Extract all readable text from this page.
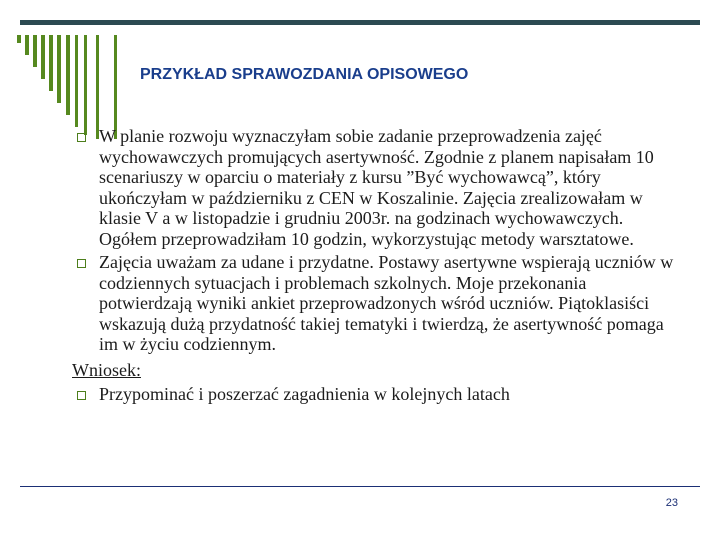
PRZYKŁAD SPRAWOZDANIA OPISOWEGO
W planie rozwoju wyznaczyłam sobie zadanie przeprowadzenia zajęć wychowawczych promujących asertywność. Zgodnie z planem napisałam 10 scenariuszy w oparciu o materiały z kursu ”Być wychowawcą”, który ukończyłam w październiku z CEN w Koszalinie. Zajęcia zrealizowałam w klasie V a w listopadzie i grudniu 2003r. na godzinach wychowawczych. Ogółem przeprowadziłam 10 godzin, wykorzystując metody warsztatowe.
Zajęcia uważam za udane i przydatne. Postawy asertywne wspierają uczniów w codziennych sytuacjach i problemach szkolnych. Moje przekonania potwierdzają wyniki ankiet przeprowadzonych wśród uczniów. Piątoklasiści wskazują dużą przydatność takiej tematyki i twierdzą, że asertywność pomaga im w życiu codziennym.
Wniosek:
Przypominać i poszerzać zagadnienia w kolejnych latach
23
